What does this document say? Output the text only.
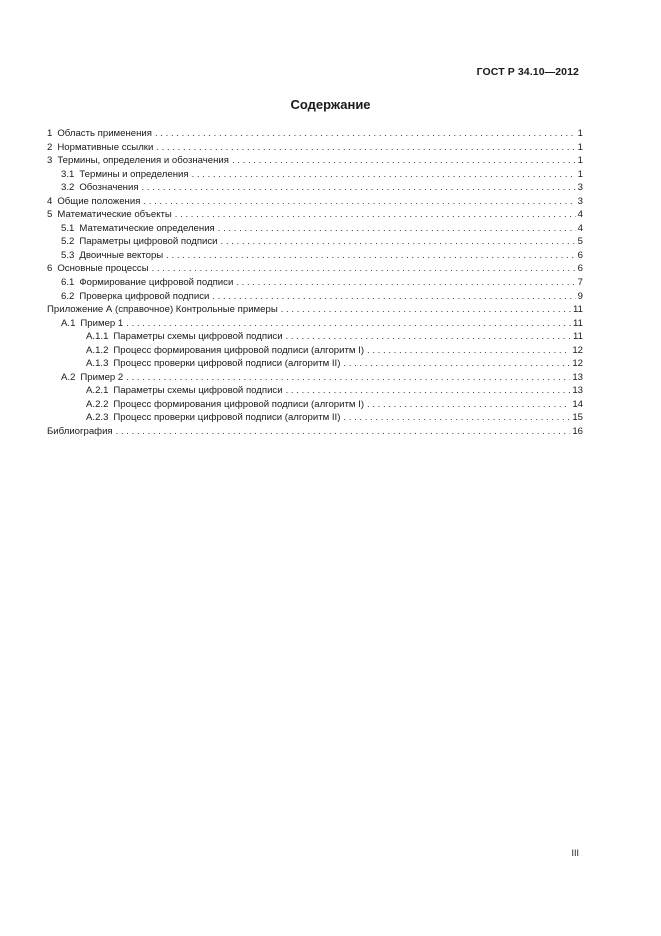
ГОСТ Р 34.10—2012
Содержание
1 Область применения . . .	1
2 Нормативные ссылки . . .	1
3 Термины, определения и обозначения . . .	1
3.1 Термины и определения . . .	1
3.2 Обозначения . . .	3
4 Общие положения . . .	3
5 Математические объекты . . .	4
5.1 Математические определения . . .	4
5.2 Параметры цифровой подписи . . .	5
5.3 Двоичные векторы . . .	6
6 Основные процессы . . .	6
6.1 Формирование цифровой подписи . . .	7
6.2 Проверка цифровой подписи . . .	9
Приложение А (справочное) Контрольные примеры . . .	11
А.1 Пример 1 . . .	11
А.1.1 Параметры схемы цифровой подписи . . .	11
А.1.2 Процесс формирования цифровой подписи (алгоритм I) . . .	12
А.1.3 Процесс проверки цифровой подписи (алгоритм II) . . .	12
А.2 Пример 2 . . .	13
А.2.1 Параметры схемы цифровой подписи . . .	13
А.2.2 Процесс формирования цифровой подписи (алгоритм I) . . .	14
А.2.3 Процесс проверки цифровой подписи (алгоритм II) . . .	15
Библиография . . .	16
III
